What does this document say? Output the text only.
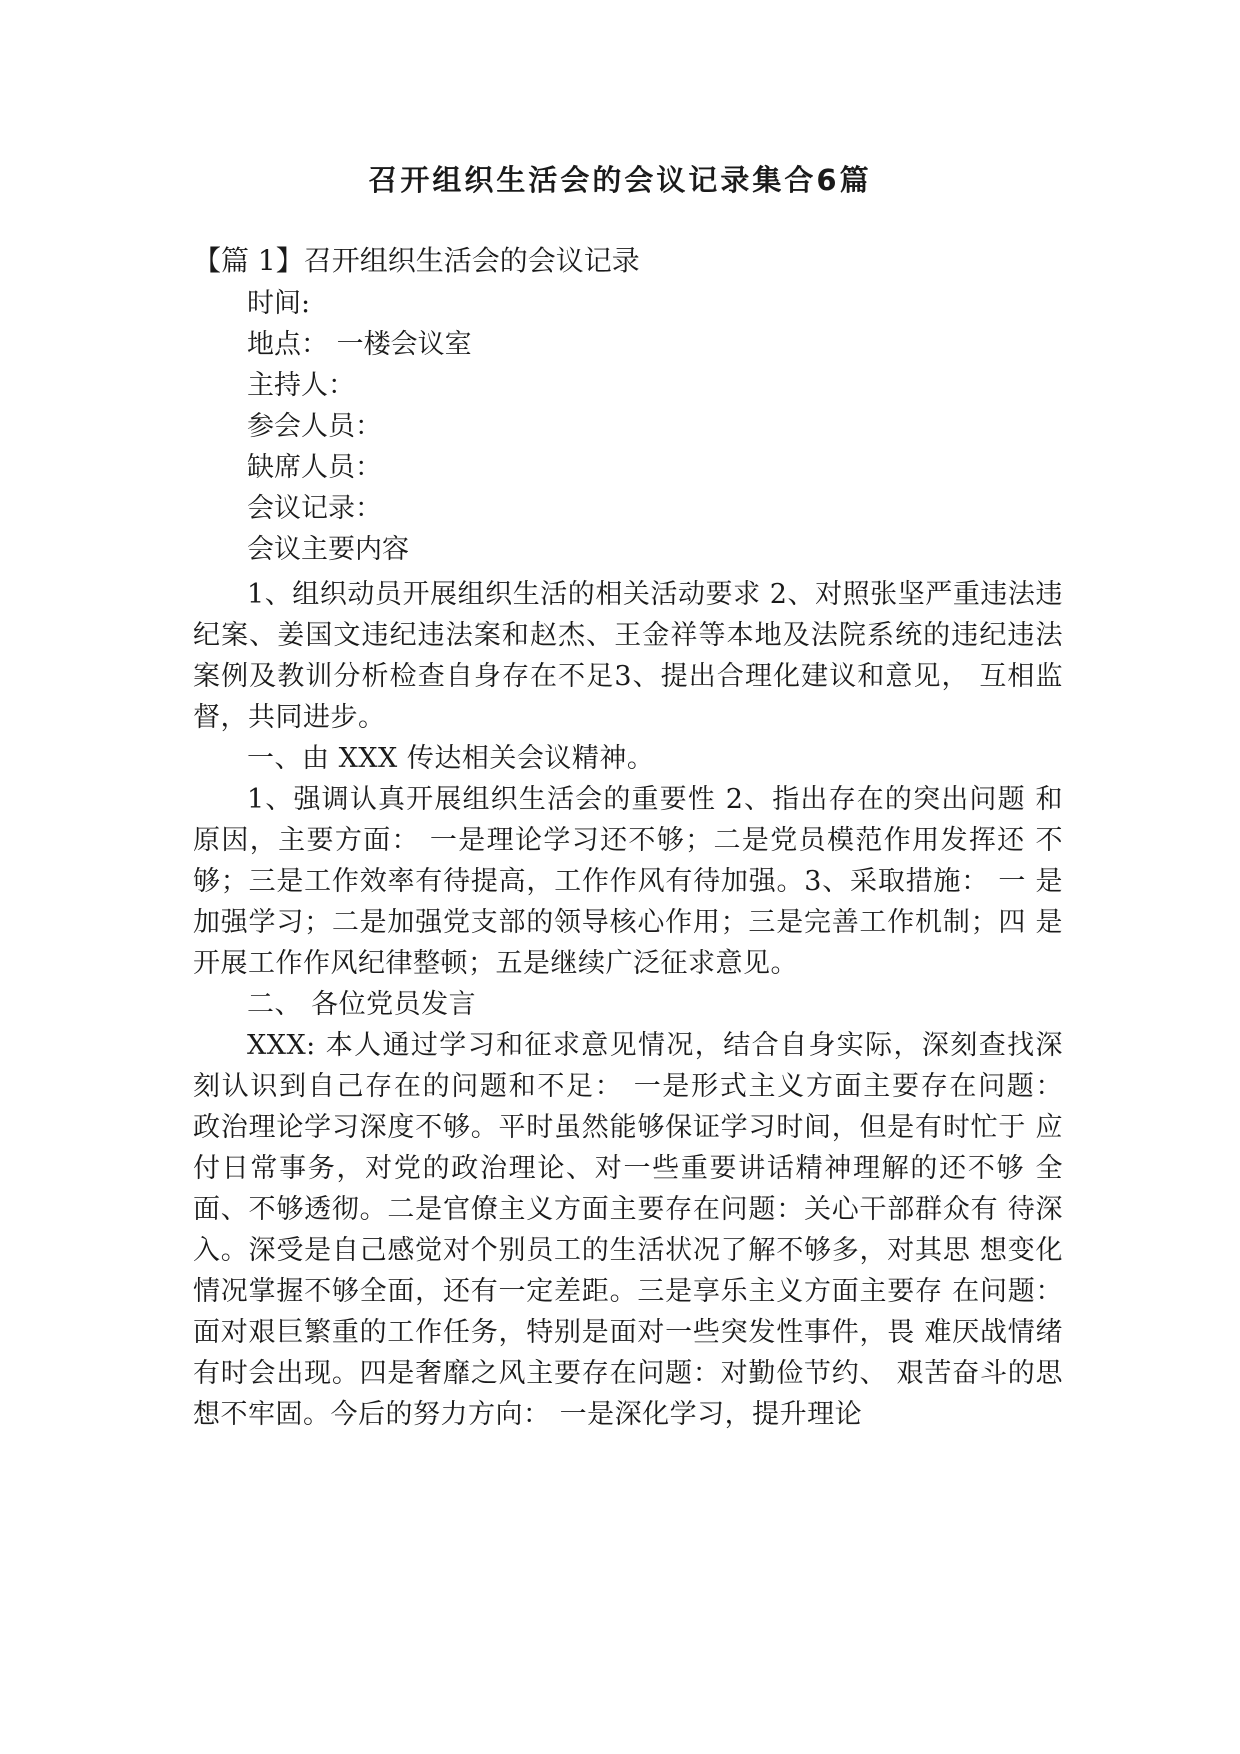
召开组织生活会的会议记录集合6篇

【篇 1】召开组织生活会的会议记录

时间:

地点： 一楼会议室

主持人：

参会人员：

缺席人员：

会议记录：

会议主要内容

1、组织动员开展组织生活的相关活动要求 2、对照张坚严重违法违纪案、姜国文违纪违法案和赵杰、王金祥等本地及法院系统的违纪违法案例及教训分析检查自身存在不足3、提出合理化建议和意见， 互相监督，共同进步。

一、由 XXX 传达相关会议精神。

1、强调认真开展组织生活会的重要性 2、指出存在的突出问题 和原因，主要方面： 一是理论学习还不够；二是党员模范作用发挥还 不够；三是工作效率有待提高，工作作风有待加强。3、采取措施： 一 是加强学习；二是加强党支部的领导核心作用；三是完善工作机制；四 是开展工作作风纪律整顿；五是继续广泛征求意见。

二、 各位党员发言

XXX: 本人通过学习和征求意见情况，结合自身实际，深刻查找深刻认识到自己存在的问题和不足： 一是形式主义方面主要存在问题： 政治理论学习深度不够。平时虽然能够保证学习时间，但是有时忙于 应付日常事务，对党的政治理论、对一些重要讲话精神理解的还不够 全面、不够透彻。二是官僚主义方面主要存在问题：关心干部群众有 待深入。深受是自己感觉对个别员工的生活状况了解不够多，对其思 想变化情况掌握不够全面，还有一定差距。三是享乐主义方面主要存 在问题：面对艰巨繁重的工作任务，特别是面对一些突发性事件，畏 难厌战情绪有时会出现。四是奢靡之风主要存在问题：对勤俭节约、 艰苦奋斗的思想不牢固。今后的努力方向： 一是深化学习，提升理论
